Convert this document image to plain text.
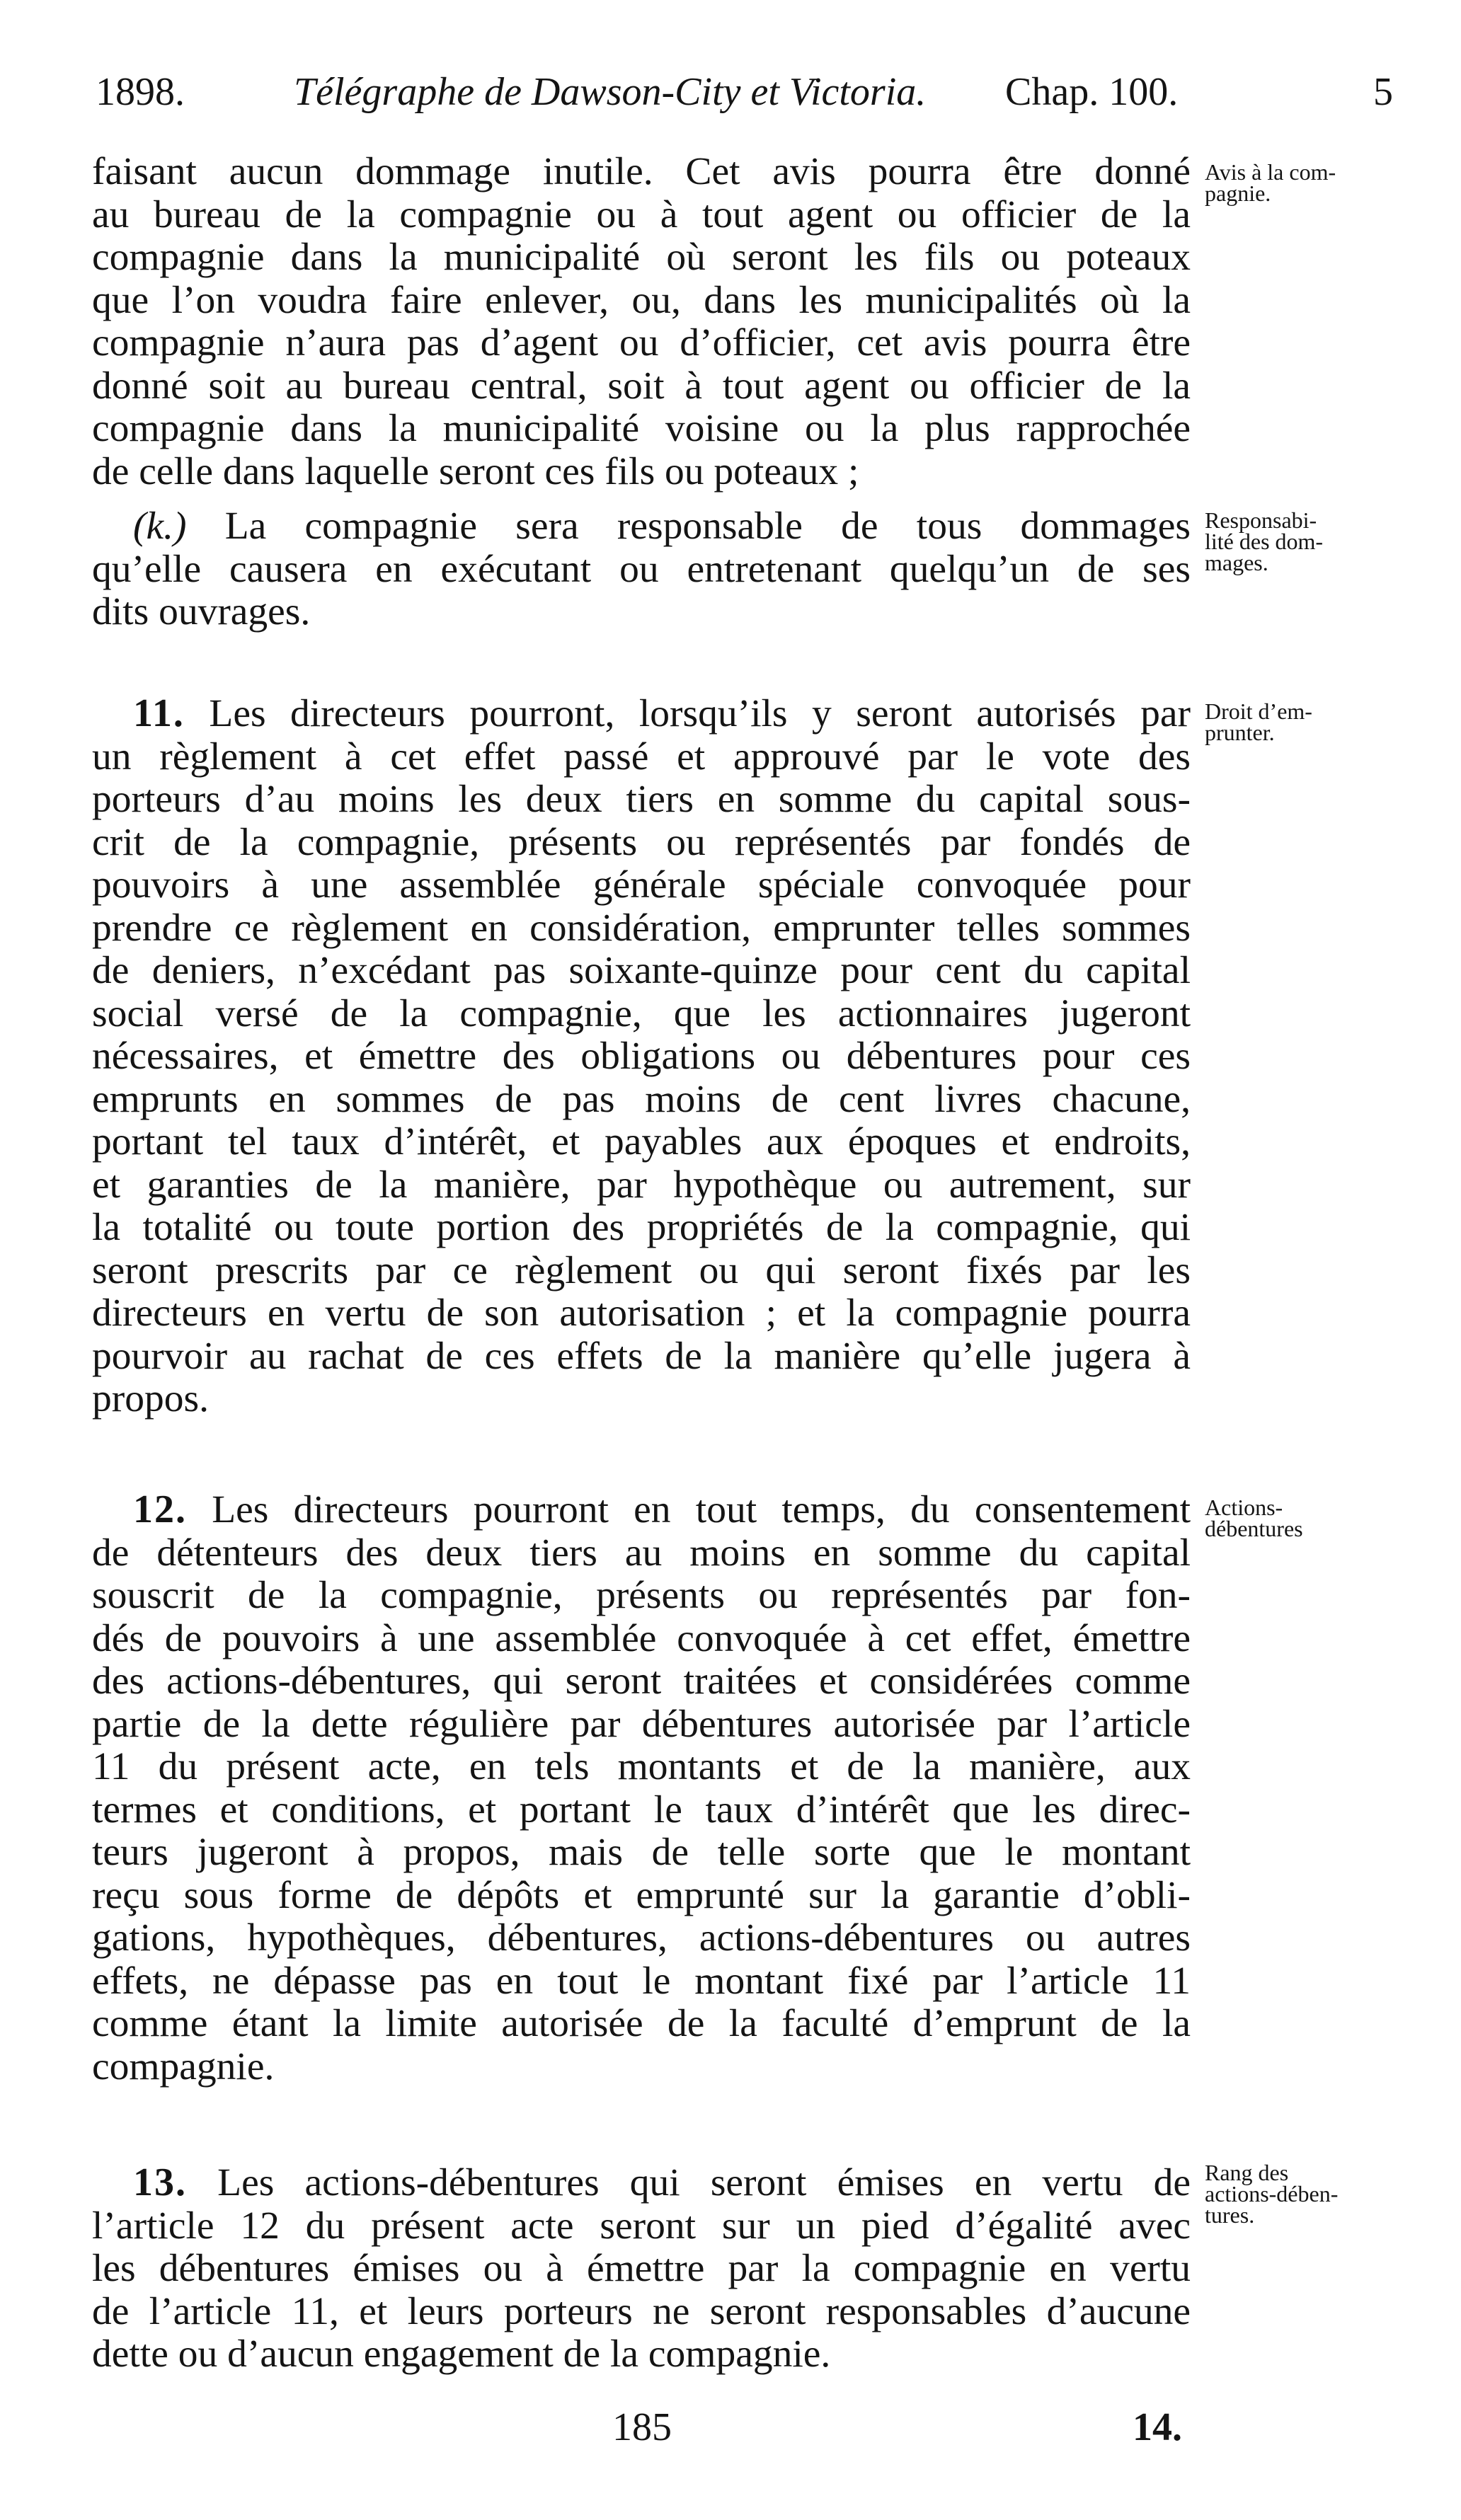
1898.	Télégraphe de Dawson-City et Victoria. Chap. 100.	5
faisant aucun dommage inutile. Cet avis pourra être donné
au bureau de la compagnie ou à tout agent ou officier de la
compagnie dans la municipalité où seront les fils ou poteaux
que l’on voudra faire enlever, ou, dans les municipalités où la
compagnie n’aura pas d’agent ou d’officier, cet avis pourra être
donné soit au bureau central, soit à tout agent ou officier de la
compagnie dans la municipalité voisine ou la plus rapprochée
de celle dans laquelle seront ces fils ou poteaux ;
(k.) La compagnie sera responsable de tous dommages
qu’elle causera en exécutant ou entretenant quelqu’un de ses
dits ouvrages.
11. Les directeurs pourront, lorsqu’ils y seront autorisés par
un règlement à cet effet passé et approuvé par le vote des
porteurs d’au moins les deux tiers en somme du capital sous-
crit de la compagnie, présents ou représentés par fondés de
pouvoirs à une assemblée générale spéciale convoquée pour
prendre ce règlement en considération, emprunter telles sommes
de deniers, n’excédant pas soixante-quinze pour cent du capital
social versé de la compagnie, que les actionnaires jugeront
nécessaires, et émettre des obligations ou débentures pour ces
emprunts en sommes de pas moins de cent livres chacune,
portant tel taux d’intérêt, et payables aux époques et endroits,
et garanties de la manière, par hypothèque ou autrement, sur
la totalité ou toute portion des propriétés de la compagnie, qui
seront prescrits par ce règlement ou qui seront fixés par les
directeurs en vertu de son autorisation ; et la compagnie pourra
pourvoir au rachat de ces effets de la manière qu’elle jugera à
propos.
12. Les directeurs pourront en tout temps, du consentement
de détenteurs des deux tiers au moins en somme du capital
souscrit de la compagnie, présents ou représentés par fon-
dés de pouvoirs à une assemblée convoquée à cet effet, émettre
des actions-débentures, qui seront traitées et considérées comme
partie de la dette régulière par débentures autorisée par l’article
11 du présent acte, en tels montants et de la manière, aux
termes et conditions, et portant le taux d’intérêt que les direc-
teurs jugeront à propos, mais de telle sorte que le montant
reçu sous forme de dépôts et emprunté sur la garantie d’obli-
gations, hypothèques, débentures, actions-débentures ou autres
effets, ne dépasse pas en tout le montant fixé par l’article 11
comme étant la limite autorisée de la faculté d’emprunt de la
compagnie.
13. Les actions-débentures qui seront émises en vertu de
l’article 12 du présent acte seront sur un pied d’égalité avec
les débentures émises ou à émettre par la compagnie en vertu
de l’article 11, et leurs porteurs ne seront responsables d’aucune
dette ou d’aucun engagement de la compagnie.
Avis à la com-
pagnie.
Responsabi-
lité des dom-
mages.
Droit d’em-
prunter.
Actions-
débentures
Rang des
actions-dében-
tures.
185	14.
